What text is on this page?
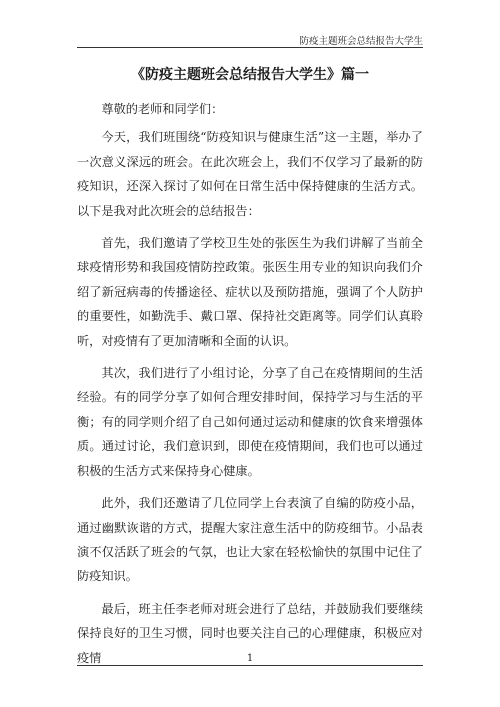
防疫主题班会总结报告大学生
《防疫主题班会总结报告大学生》篇一

尊敬的老师和同学们：

今天，我们班围绕“防疫知识与健康生活”这一主题，举办了一次意义深远的班会。在此次班会上，我们不仅学习了最新的防疫知识，还深入探讨了如何在日常生活中保持健康的生活方式。以下是我对此次班会的总结报告：

首先，我们邀请了学校卫生处的张医生为我们讲解了当前全球疫情形势和我国疫情防控政策。张医生用专业的知识向我们介绍了新冠病毒的传播途径、症状以及预防措施，强调了个人防护的重要性，如勤洗手、戴口罩、保持社交距离等。同学们认真聆听，对疫情有了更加清晰和全面的认识。

其次，我们进行了小组讨论，分享了自己在疫情期间的生活经验。有的同学分享了如何合理安排时间，保持学习与生活的平衡；有的同学则介绍了自己如何通过运动和健康的饮食来增强体质。通过讨论，我们意识到，即使在疫情期间，我们也可以通过积极的生活方式来保持身心健康。

此外，我们还邀请了几位同学上台表演了自编的防疫小品，通过幽默诙谐的方式，提醒大家注意生活中的防疫细节。小品表演不仅活跃了班会的气氛，也让大家在轻松愉快的氛围中记住了防疫知识。

最后，班主任李老师对班会进行了总结，并鼓励我们要继续保持良好的卫生习惯，同时也要关注自己的心理健康，积极应对疫情	1
